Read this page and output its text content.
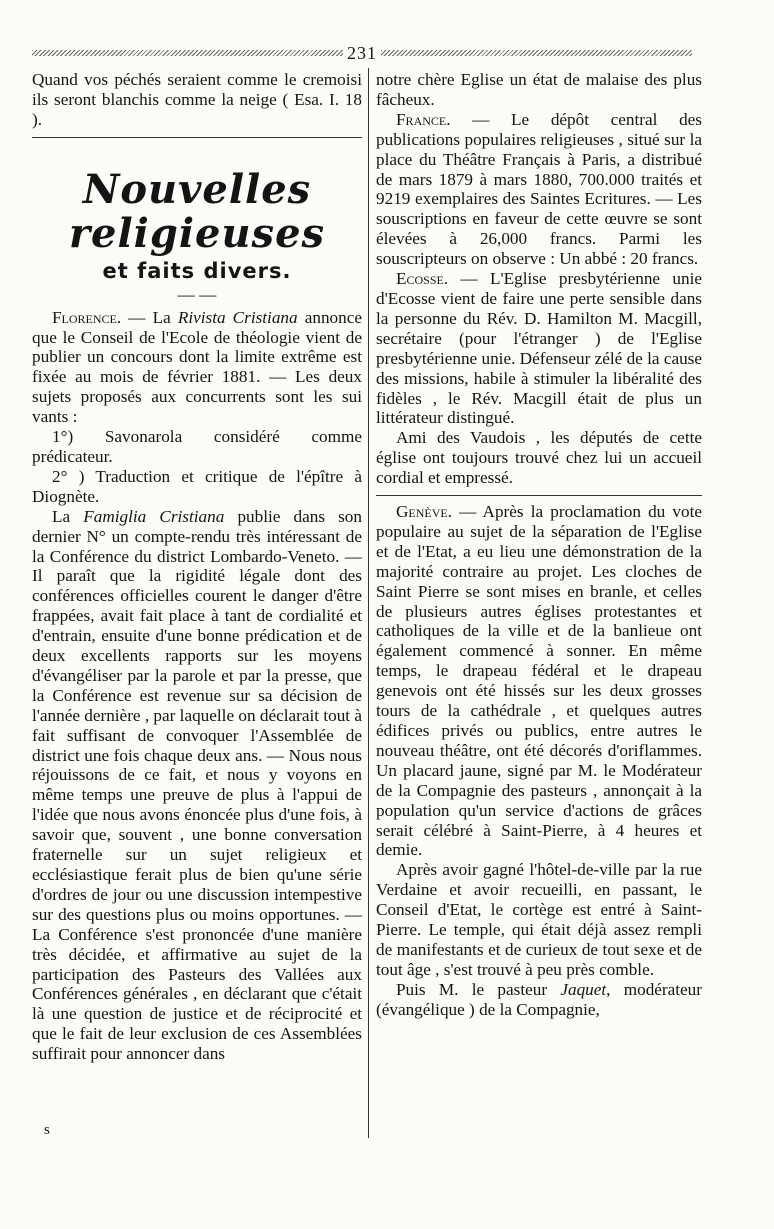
231

Quand vos péchés seraient comme le cremoisi ils seront blanchis comme la neige ( Esa. I. 18 ).

Nouvelles religieuses
et faits divers.
— —

Florence. — La Rivista Cristiana annonce que le Conseil de l'Ecole de théologie vient de publier un concours dont la limite extrême est fixée au mois de février 1881. — Les deux sujets proposés aux concurrents sont les sui vants :

1°) Savonarola considéré comme prédicateur.

2° ) Traduction et critique de l'épître à Diognète.

La Famiglia Cristiana publie dans son dernier N° un compte-rendu très intéressant de la Conférence du district Lombardo-Veneto. — Il paraît que la rigidité légale dont des conférences officielles courent le danger d'être frappées, avait fait place à tant de cordialité et d'entrain, ensuite d'une bonne prédication et de deux excellents rapports sur les moyens d'évangéliser par la parole et par la presse, que la Conférence est revenue sur sa décision de l'année dernière , par laquelle on déclarait tout à fait suffisant de convoquer l'Assemblée de district une fois chaque deux ans. — Nous nous réjouissons de ce fait, et nous y voyons en même temps une preuve de plus à l'appui de l'idée que nous avons énoncée plus d'une fois, à savoir que, souvent , une bonne conversation fraternelle sur un sujet religieux et ecclésiastique ferait plus de bien qu'une série d'ordres de jour ou une discussion intempestive sur des questions plus ou moins opportunes. — La Conférence s'est prononcée d'une manière très décidée, et affirmative au sujet de la participation des Pasteurs des Vallées aux Conférences générales , en déclarant que c'était là une question de justice et de réciprocité et que le fait de leur exclusion de ces Assemblées suffirait pour annoncer dans

s

notre chère Eglise un état de malaise des plus fâcheux.

France. — Le dépôt central des publications populaires religieuses , situé sur la place du Théâtre Français à Paris, a distribué de mars 1879 à mars 1880, 700.000 traités et 9219 exemplaires des Saintes Ecritures. — Les souscriptions en faveur de cette œuvre se sont élevées à 26,000 francs. Parmi les souscripteurs on observe : Un abbé : 20 francs.

Ecosse. — L'Eglise presbytérienne unie d'Ecosse vient de faire une perte sensible dans la personne du Rév. D. Hamilton M. Macgill, secrétaire (pour l'étranger ) de l'Eglise presbytérienne unie. Défenseur zélé de la cause des missions, habile à stimuler la libéralité des fidèles , le Rév. Macgill était de plus un littérateur distingué.

Ami des Vaudois , les députés de cette église ont toujours trouvé chez lui un accueil cordial et empressé.

Genève. — Après la proclamation du vote populaire au sujet de la séparation de l'Eglise et de l'Etat, a eu lieu une démonstration de la majorité contraire au projet. Les cloches de Saint Pierre se sont mises en branle, et celles de plusieurs autres églises protestantes et catholiques de la ville et de la banlieue ont également commencé à sonner. En même temps, le drapeau fédéral et le drapeau genevois ont été hissés sur les deux grosses tours de la cathédrale , et quelques autres édifices privés ou publics, entre autres le nouveau théâtre, ont été décorés d'oriflammes. Un placard jaune, signé par M. le Modérateur de la Compagnie des pasteurs , annonçait à la population qu'un service d'actions de grâces serait célébré à Saint-Pierre, à 4 heures et demie.

Après avoir gagné l'hôtel-de-ville par la rue Verdaine et avoir recueilli, en passant, le Conseil d'Etat, le cortège est entré à Saint-Pierre. Le temple, qui était déjà assez rempli de manifestants et de curieux de tout sexe et de tout âge , s'est trouvé à peu près comble.

Puis M. le pasteur Jaquet, modérateur (évangélique ) de la Compagnie,
